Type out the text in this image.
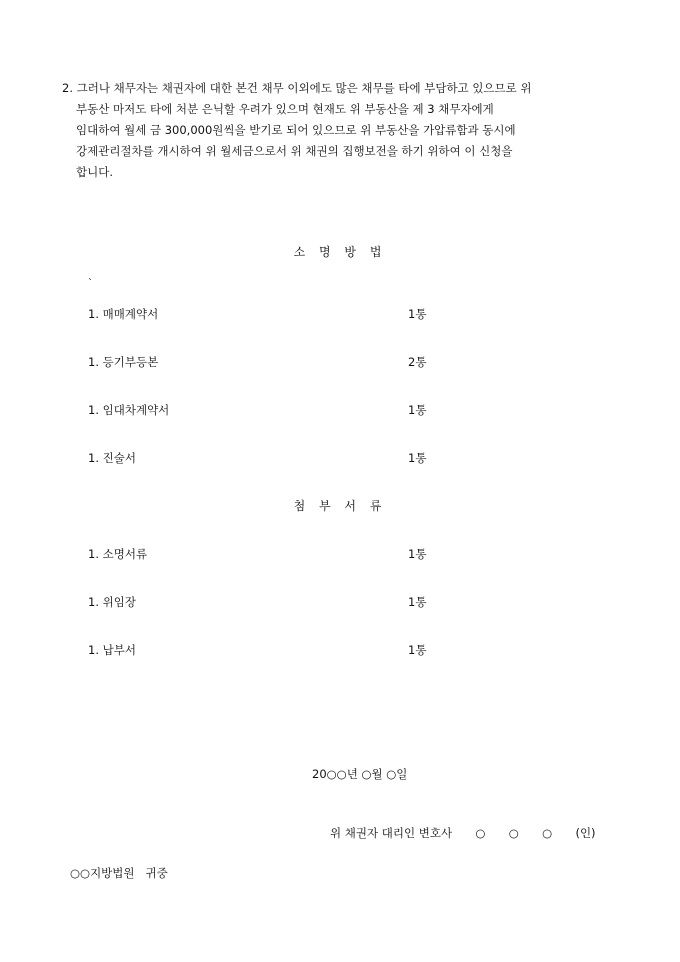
2. 그러나 채무자는 채권자에 대한 본건 채무 이외에도 많은 채무를 타에 부담하고 있으므로 위
부동산 마저도 타에 처분 은닉할 우려가 있으며 현재도 위 부동산을 제 3 채무자에게
임대하여 월세 금 300,000원씩을 받기로 되어 있으므로 위 부동산을 가압류함과 동시에
강제관리절차를 개시하여 위 월세금으로서 위 채권의 집행보전을 하기 위하여 이 신청을
합니다.
소 명 방 법
`
1. 매매계약서	1통
1. 등기부등본	2통
1. 임대차계약서	1통
1. 진술서	1통
첨 부 서 류
1. 소명서류	1통
1. 위임장	1통
1. 납부서	1통
20○○년 ○월 ○일
위 채권자 대리인 변호사 ○ ○ ○ (인)
○○지방법원   귀중
